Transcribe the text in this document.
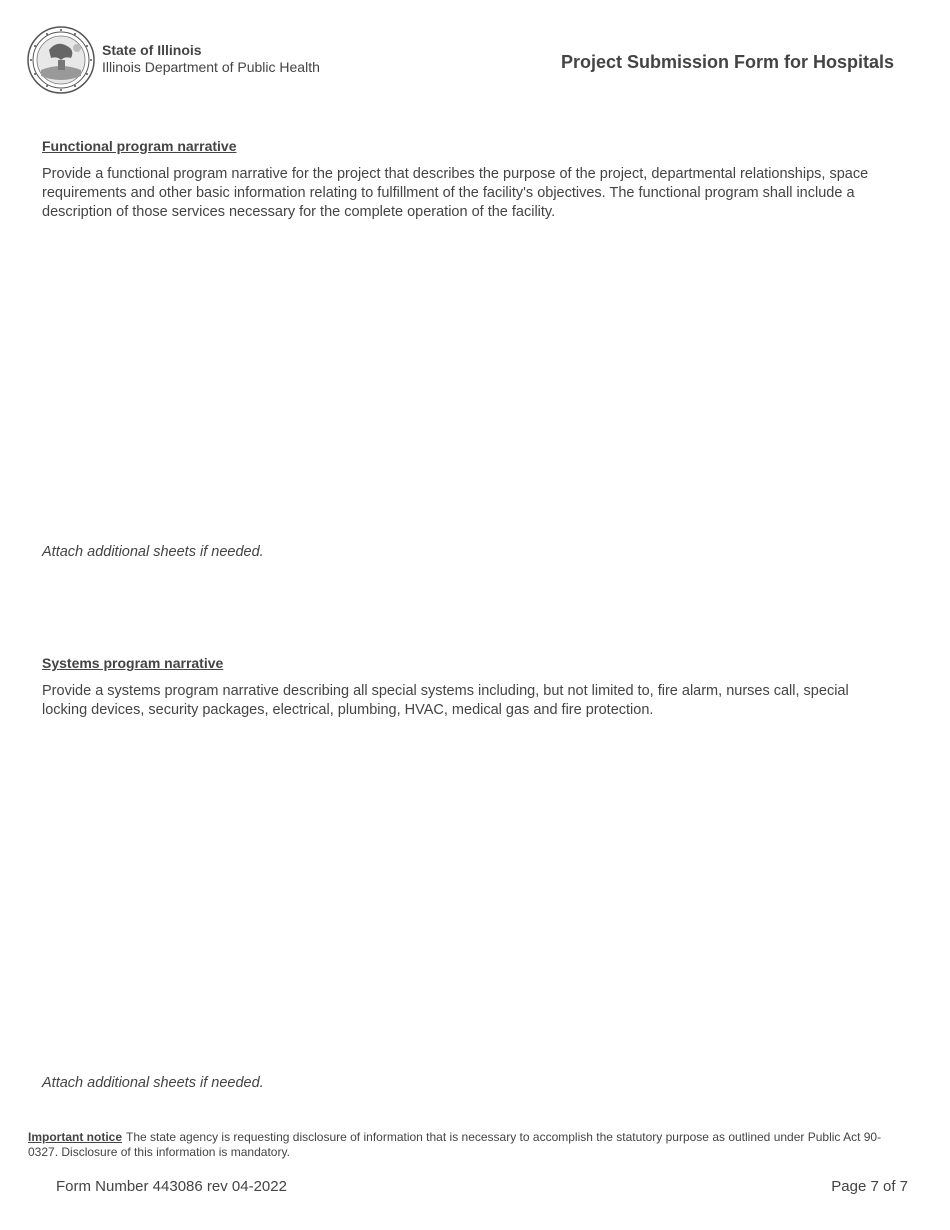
State of Illinois
Illinois Department of Public Health	Project Submission Form for Hospitals
Functional program narrative
Provide a functional program narrative for the project that describes the purpose of the project, departmental relationships, space requirements and other basic information relating to fulfillment of the facility's objectives. The functional program shall include a description of those services necessary for the complete operation of the facility.
Attach additional sheets if needed.
Systems program narrative
Provide a systems program narrative describing all special systems including, but not limited to, fire alarm, nurses call, special locking devices, security packages, electrical, plumbing, HVAC, medical gas and fire protection.
Attach additional sheets if needed.
Important notice The state agency is requesting disclosure of information that is necessary to accomplish the statutory purpose as outlined under Public Act 90-0327. Disclosure of this information is mandatory.
Form Number 443086 rev 04-2022	Page 7 of 7
